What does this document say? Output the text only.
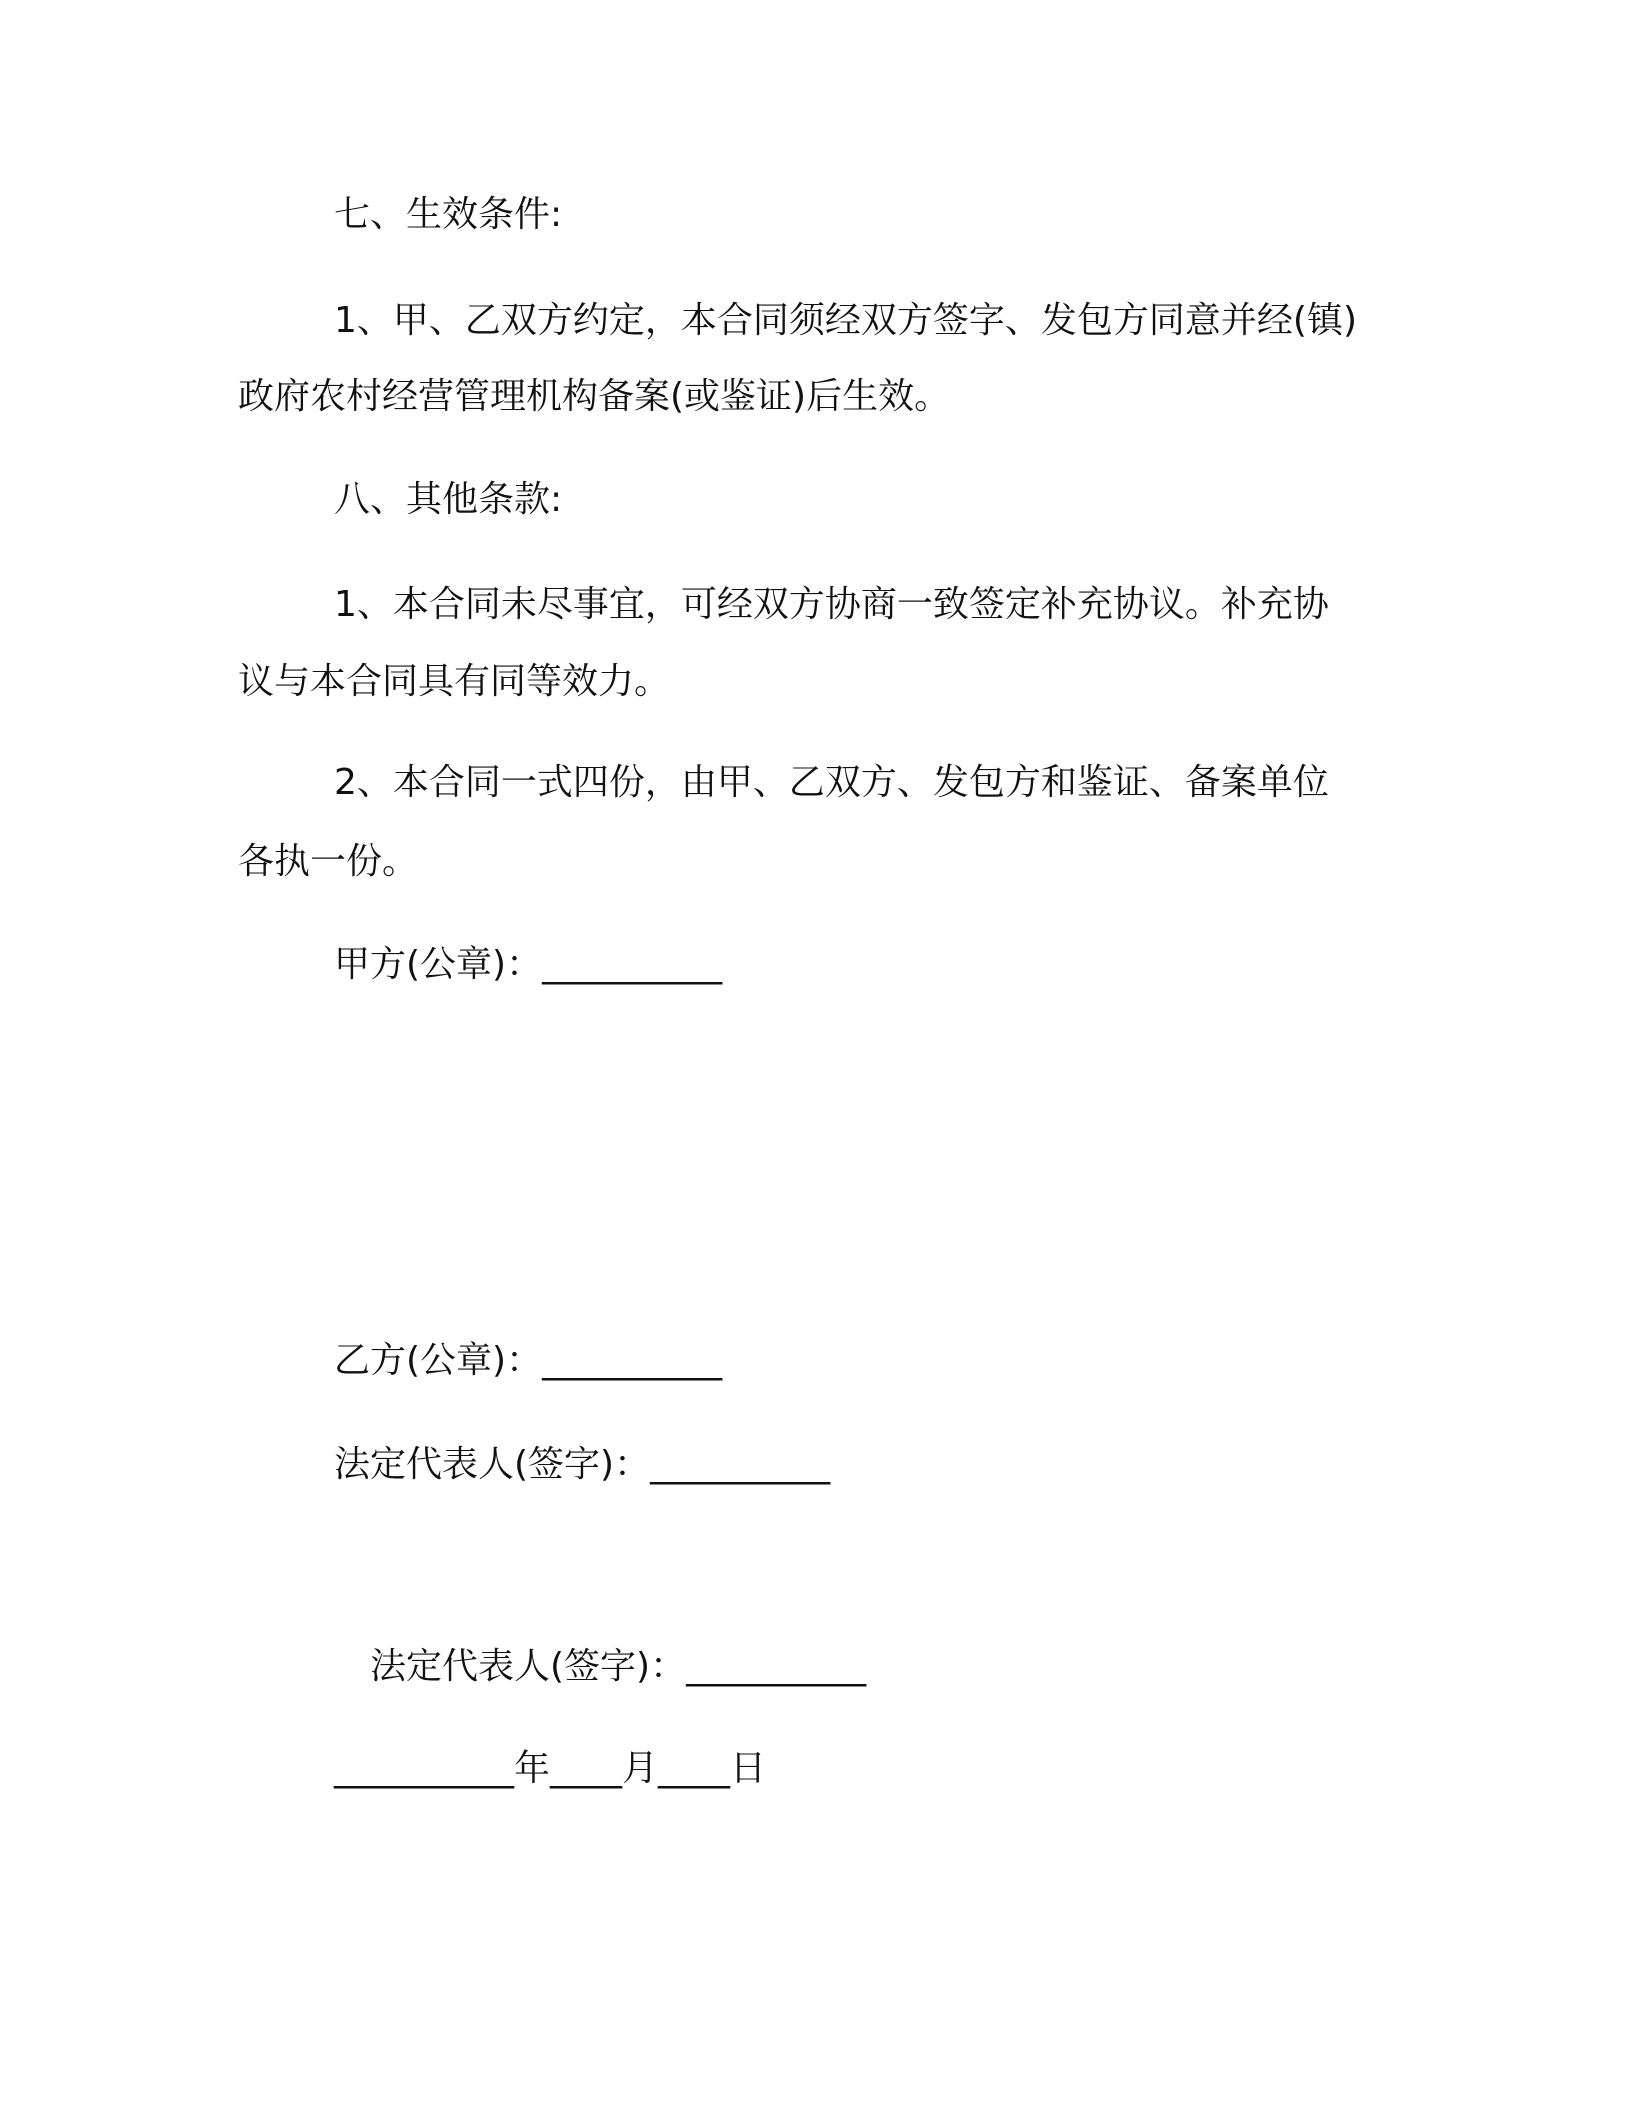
七、生效条件:
1、甲、乙双方约定，本合同须经双方签字、发包方同意并经(镇)
政府农村经营管理机构备案(或鉴证)后生效。
八、其他条款:
1、本合同未尽事宜，可经双方协商一致签定补充协议。补充协
议与本合同具有同等效力。
2、本合同一式四份，由甲、乙双方、发包方和鉴证、备案单位
各执一份。
甲方(公章)：__________
乙方(公章)：__________
法定代表人(签字)：__________
法定代表人(签字)：__________
__________年____月____日
